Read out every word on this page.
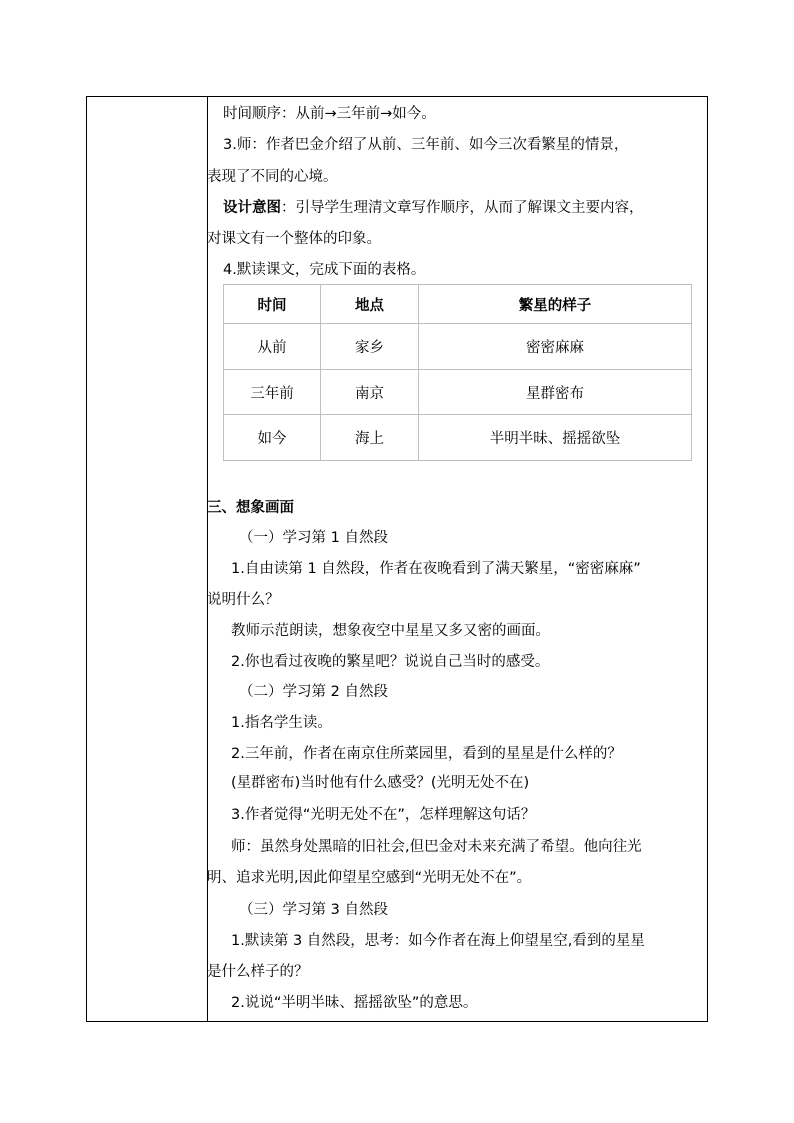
时间顺序：从前→三年前→如今。
3.师：作者巴金介绍了从前、三年前、如今三次看繁星的情景，
表现了不同的心境。
设计意图：引导学生理清文章写作顺序，从而了解课文主要内容，
对课文有一个整体的印象。
4.默读课文，完成下面的表格。
时间	地点	繁星的样子
从前	家乡	密密麻麻
三年前	南京	星群密布
如今	海上	半明半昧、摇摇欲坠
三、想象画面
（一）学习第 1 自然段
1.自由读第 1 自然段，作者在夜晚看到了满天繁星，“密密麻麻”
说明什么？
教师示范朗读，想象夜空中星星又多又密的画面。
2.你也看过夜晚的繁星吧？说说自己当时的感受。
（二）学习第 2 自然段
1.指名学生读。
2.三年前，作者在南京住所菜园里，看到的星星是什么样的？
(星群密布)当时他有什么感受？(光明无处不在)
3.作者觉得“光明无处不在”，怎样理解这句话？
师：虽然身处黑暗的旧社会,但巴金对未来充满了希望。他向往光
明、追求光明,因此仰望星空感到“光明无处不在”。
（三）学习第 3 自然段
1.默读第 3 自然段，思考：如今作者在海上仰望星空,看到的星星
是什么样子的？
2.说说“半明半昧、摇摇欲坠”的意思。
